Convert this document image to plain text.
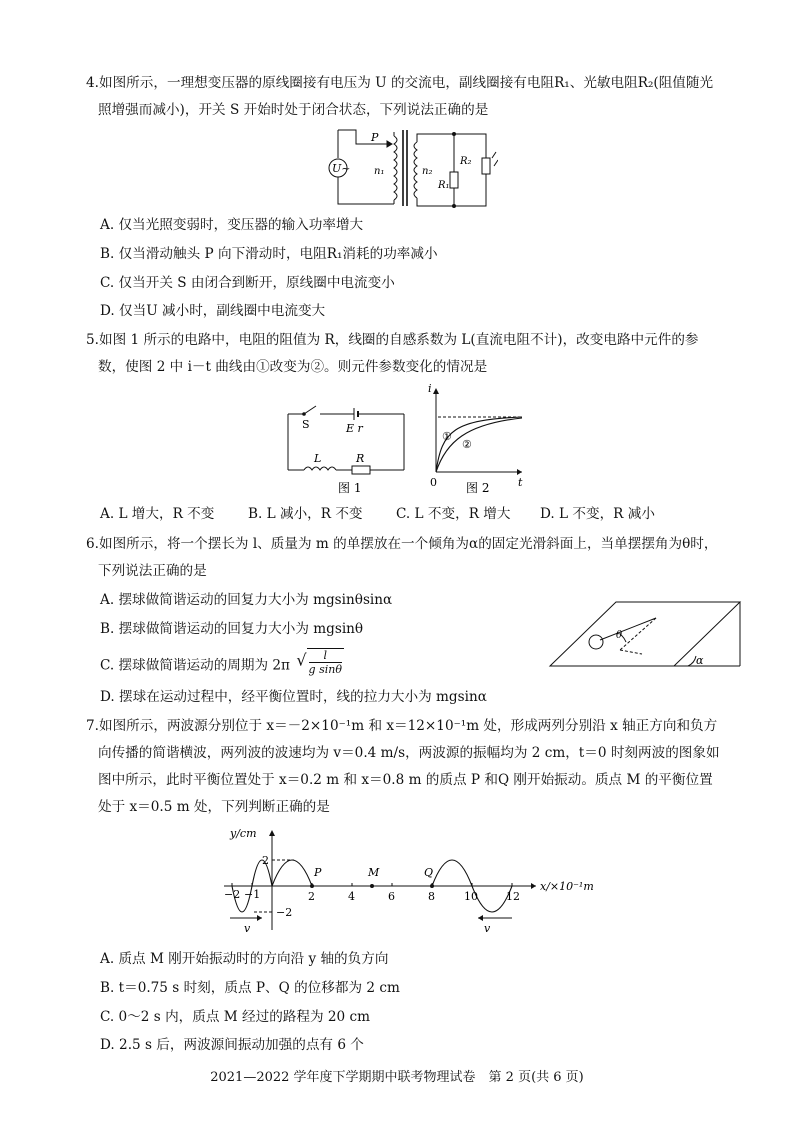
4.如图所示，一理想变压器的原线圈接有电压为 U 的交流电，副线圈接有电阻R₁、光敏电阻R₂(阻值随光
照增强而减小)，开关 S 开始时处于闭合状态，下列说法正确的是
U~
P
n₁	n₂
R₁
R₂
A. 仅当光照变弱时，变压器的输入功率增大
B. 仅当滑动触头 P 向下滑动时，电阻R₁消耗的功率减小
C. 仅当开关 S 由闭合到断开，原线圈中电流变小
D. 仅当U 减小时，副线圈中电流变大
5.如图 1 所示的电路中，电阻的阻值为 R，线圈的自感系数为 L(直流电阻不计)，改变电路中元件的参
数，使图 2 中 i－t 曲线由①改变为②。则元件参数变化的情况是
S	E r
L	R
图 1
i
t
0
①
②
图 2
A. L 增大，R 不变 B. L 减小，R 不变 C. L 不变，R 增大 D. L 不变，R 减小
6.如图所示，将一个摆长为 l、质量为 m 的单摆放在一个倾角为α的固定光滑斜面上，当单摆摆角为θ时，
下列说法正确的是
A. 摆球做简谐运动的回复力大小为 mgsinθsinα
B. 摆球做简谐运动的回复力大小为 mgsinθ
C. 摆球做简谐运动的周期为 2π √ $\frac{l}{\text{g sinθ}}$
D. 摆球在运动过程中，经平衡位置时，线的拉力大小为 mgsinα
θ
α
7.如图所示，两波源分别位于 x＝－2×10⁻¹m 和 x＝12×10⁻¹m 处，形成两列分别沿 x 轴正方向和负方
向传播的简谐横波，两列波的波速均为 v＝0.4 m/s，两波源的振幅均为 2 cm，t＝0 时刻两波的图象如
图中所示，此时平衡位置处于 x＝0.2 m 和 x＝0.8 m 的质点 P 和Q 刚开始振动。质点 M 的平衡位置
处于 x＝0.5 m 处，下列判断正确的是
y/cm
x/×10⁻¹m
2
−2
−2 −1	2	4	6	8	10	12
P	M	Q
v	v
A. 质点 M 刚开始振动时的方向沿 y 轴的负方向
B. t＝0.75 s 时刻，质点 P、Q 的位移都为 2 cm
C. 0～2 s 内，质点 M 经过的路程为 20 cm
D. 2.5 s 后，两波源间振动加强的点有 6 个
2021—2022 学年度下学期期中联考物理试卷　第 2 页(共 6 页)
